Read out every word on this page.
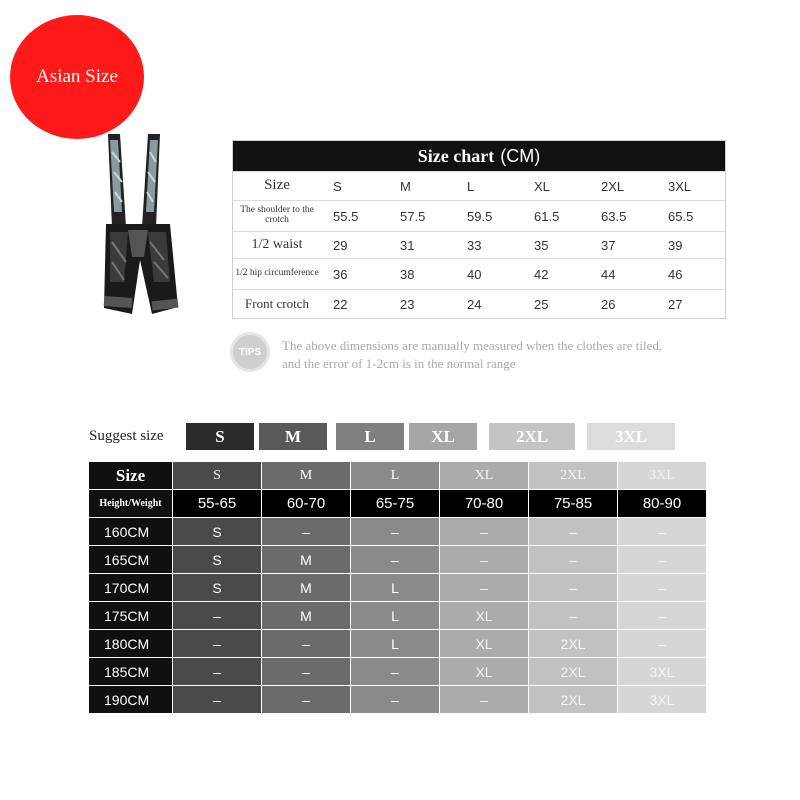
Asian Size
Size chart (CM)
Size	S	M	L	XL	2XL	3XL
The shoulder to the crotch	55.5	57.5	59.5	61.5	63.5	65.5
1/2 waist	29	31	33	35	37	39
1/2 hip circumference	36	38	40	42	44	46
Front crotch	22	23	24	25	26	27
TIPS The above dimensions are manually measured when the clothes are tiled,
and the error of 1-2cm is in the normal range
Suggest size	S	M	L	XL	2XL	3XL
Size	S	M	L	XL	2XL	3XL
Height/Weight	55-65	60-70	65-75	70-80	75-85	80-90
160CM	S	–	–	–	–	–
165CM	S	M	–	–	–	–
170CM	S	M	L	–	–	–
175CM	–	M	L	XL	–	–
180CM	–	–	L	XL	2XL	–
185CM	–	–	–	XL	2XL	3XL
190CM	–	–	–	–	2XL	3XL
